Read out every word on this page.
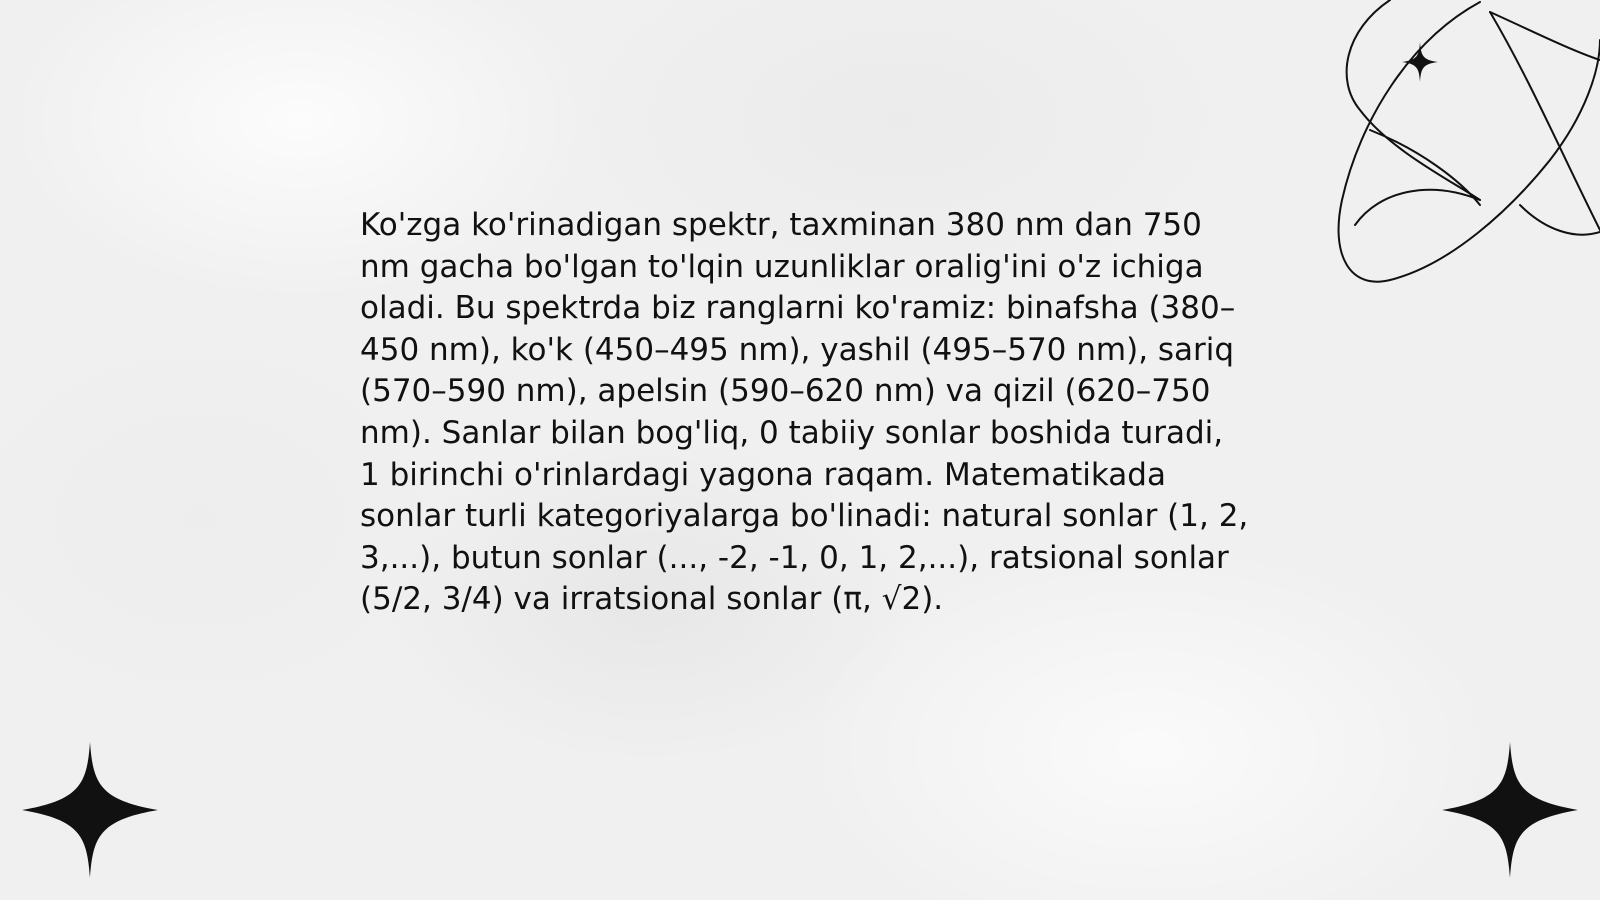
Ko'zga ko'rinadigan spektr, taxminan 380 nm dan 750 nm gacha bo'lgan to'lqin uzunliklar oralig'ini o'z ichiga oladi. Bu spektrda biz ranglarni ko'ramiz: binafsha (380–450 nm), ko'k (450–495 nm), yashil (495–570 nm), sariq (570–590 nm), apelsin (590–620 nm) va qizil (620–750 nm). Sanlar bilan bog'liq, 0 tabiiy sonlar boshida turadi, 1 birinchi o'rinlardagi yagona raqam. Matematikada sonlar turli kategoriyalarga bo'linadi: natural sonlar (1, 2, 3,...), butun sonlar (..., -2, -1, 0, 1, 2,...), ratsional sonlar (5/2, 3/4) va irratsional sonlar (π, √2).
